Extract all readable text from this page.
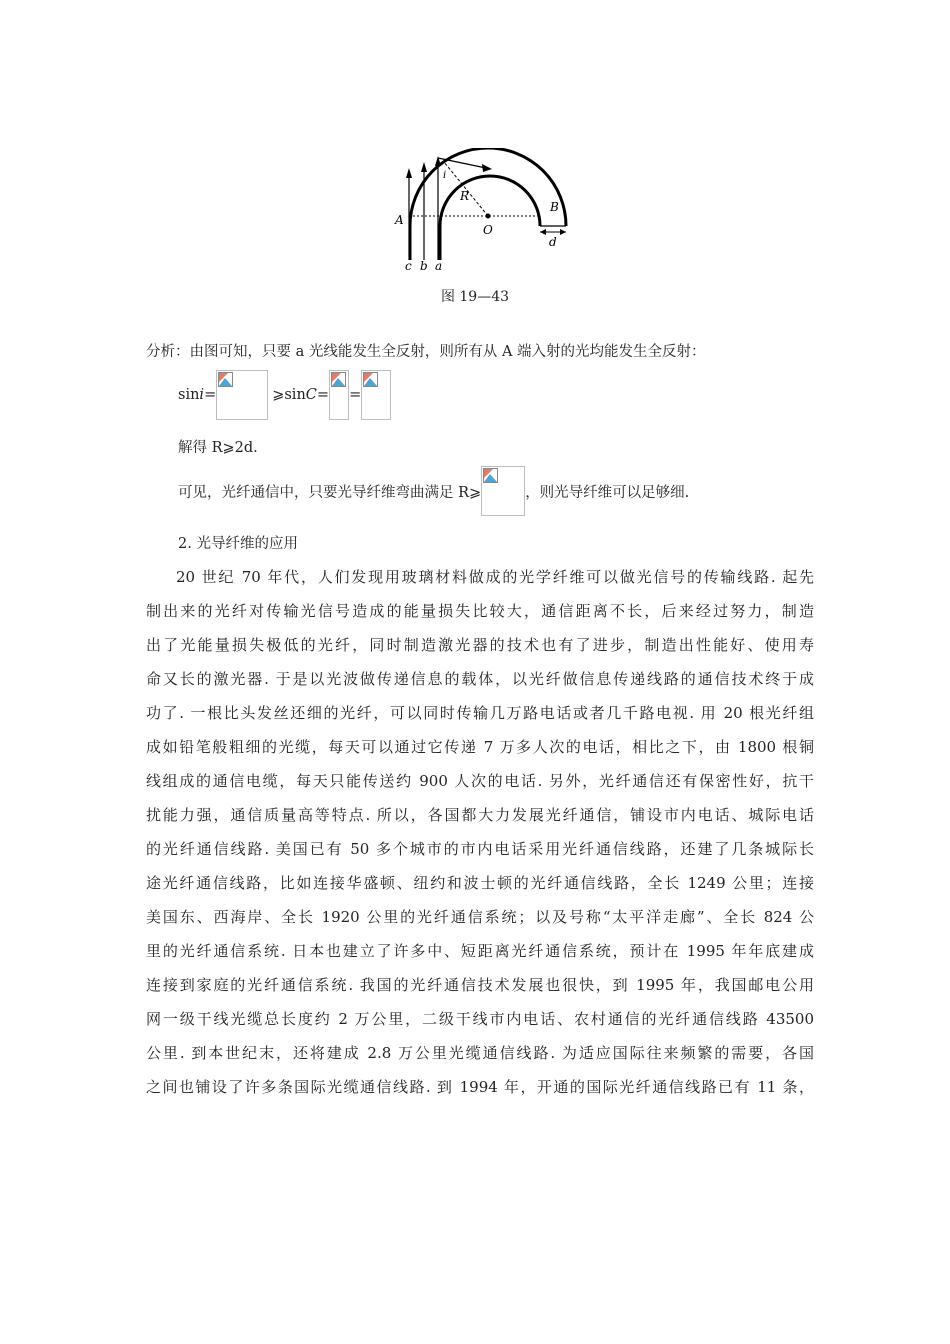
A
B
O
R
i
d
c b a
图 19—43
分析：由图可知，只要 a 光线能发生全反射，则所有从 A 端入射的光均能发生全反射：
sin i =	⩾sin C = =
解得 R⩾2d.
可见，光纤通信中，只要光导纤维弯曲满足 R⩾	，则光导纤维可以足够细.
2. 光导纤维的应用
20 世纪 70 年代，人们发现用玻璃材料做成的光学纤维可以做光信号的传输线路. 起先
制出来的光纤对传输光信号造成的能量损失比较大，通信距离不长，后来经过努力，制造
出了光能量损失极低的光纤，同时制造激光器的技术也有了进步，制造出性能好、使用寿
命又长的激光器. 于是以光波做传递信息的载体，以光纤做信息传递线路的通信技术终于成
功了. 一根比头发丝还细的光纤，可以同时传输几万路电话或者几千路电视. 用 20 根光纤组
成如铅笔般粗细的光缆，每天可以通过它传递 7 万多人次的电话，相比之下，由 1800 根铜
线组成的通信电缆，每天只能传送约 900 人次的电话. 另外，光纤通信还有保密性好，抗干
扰能力强，通信质量高等特点. 所以，各国都大力发展光纤通信，铺设市内电话、城际电话
的光纤通信线路. 美国已有 50 多个城市的市内电话采用光纤通信线路，还建了几条城际长
途光纤通信线路，比如连接华盛顿、纽约和波士顿的光纤通信线路，全长 1249 公里；连接
美国东、西海岸、全长 1920 公里的光纤通信系统；以及号称“太平洋走廊”、全长 824 公
里的光纤通信系统. 日本也建立了许多中、短距离光纤通信系统，预计在 1995 年年底建成
连接到家庭的光纤通信系统. 我国的光纤通信技术发展也很快，到 1995 年，我国邮电公用
网一级干线光缆总长度约 2 万公里，二级干线市内电话、农村通信的光纤通信线路 43500
公里. 到本世纪末，还将建成 2.8 万公里光缆通信线路. 为适应国际往来频繁的需要，各国
之间也铺设了许多条国际光缆通信线路. 到 1994 年，开通的国际光纤通信线路已有 11 条，
